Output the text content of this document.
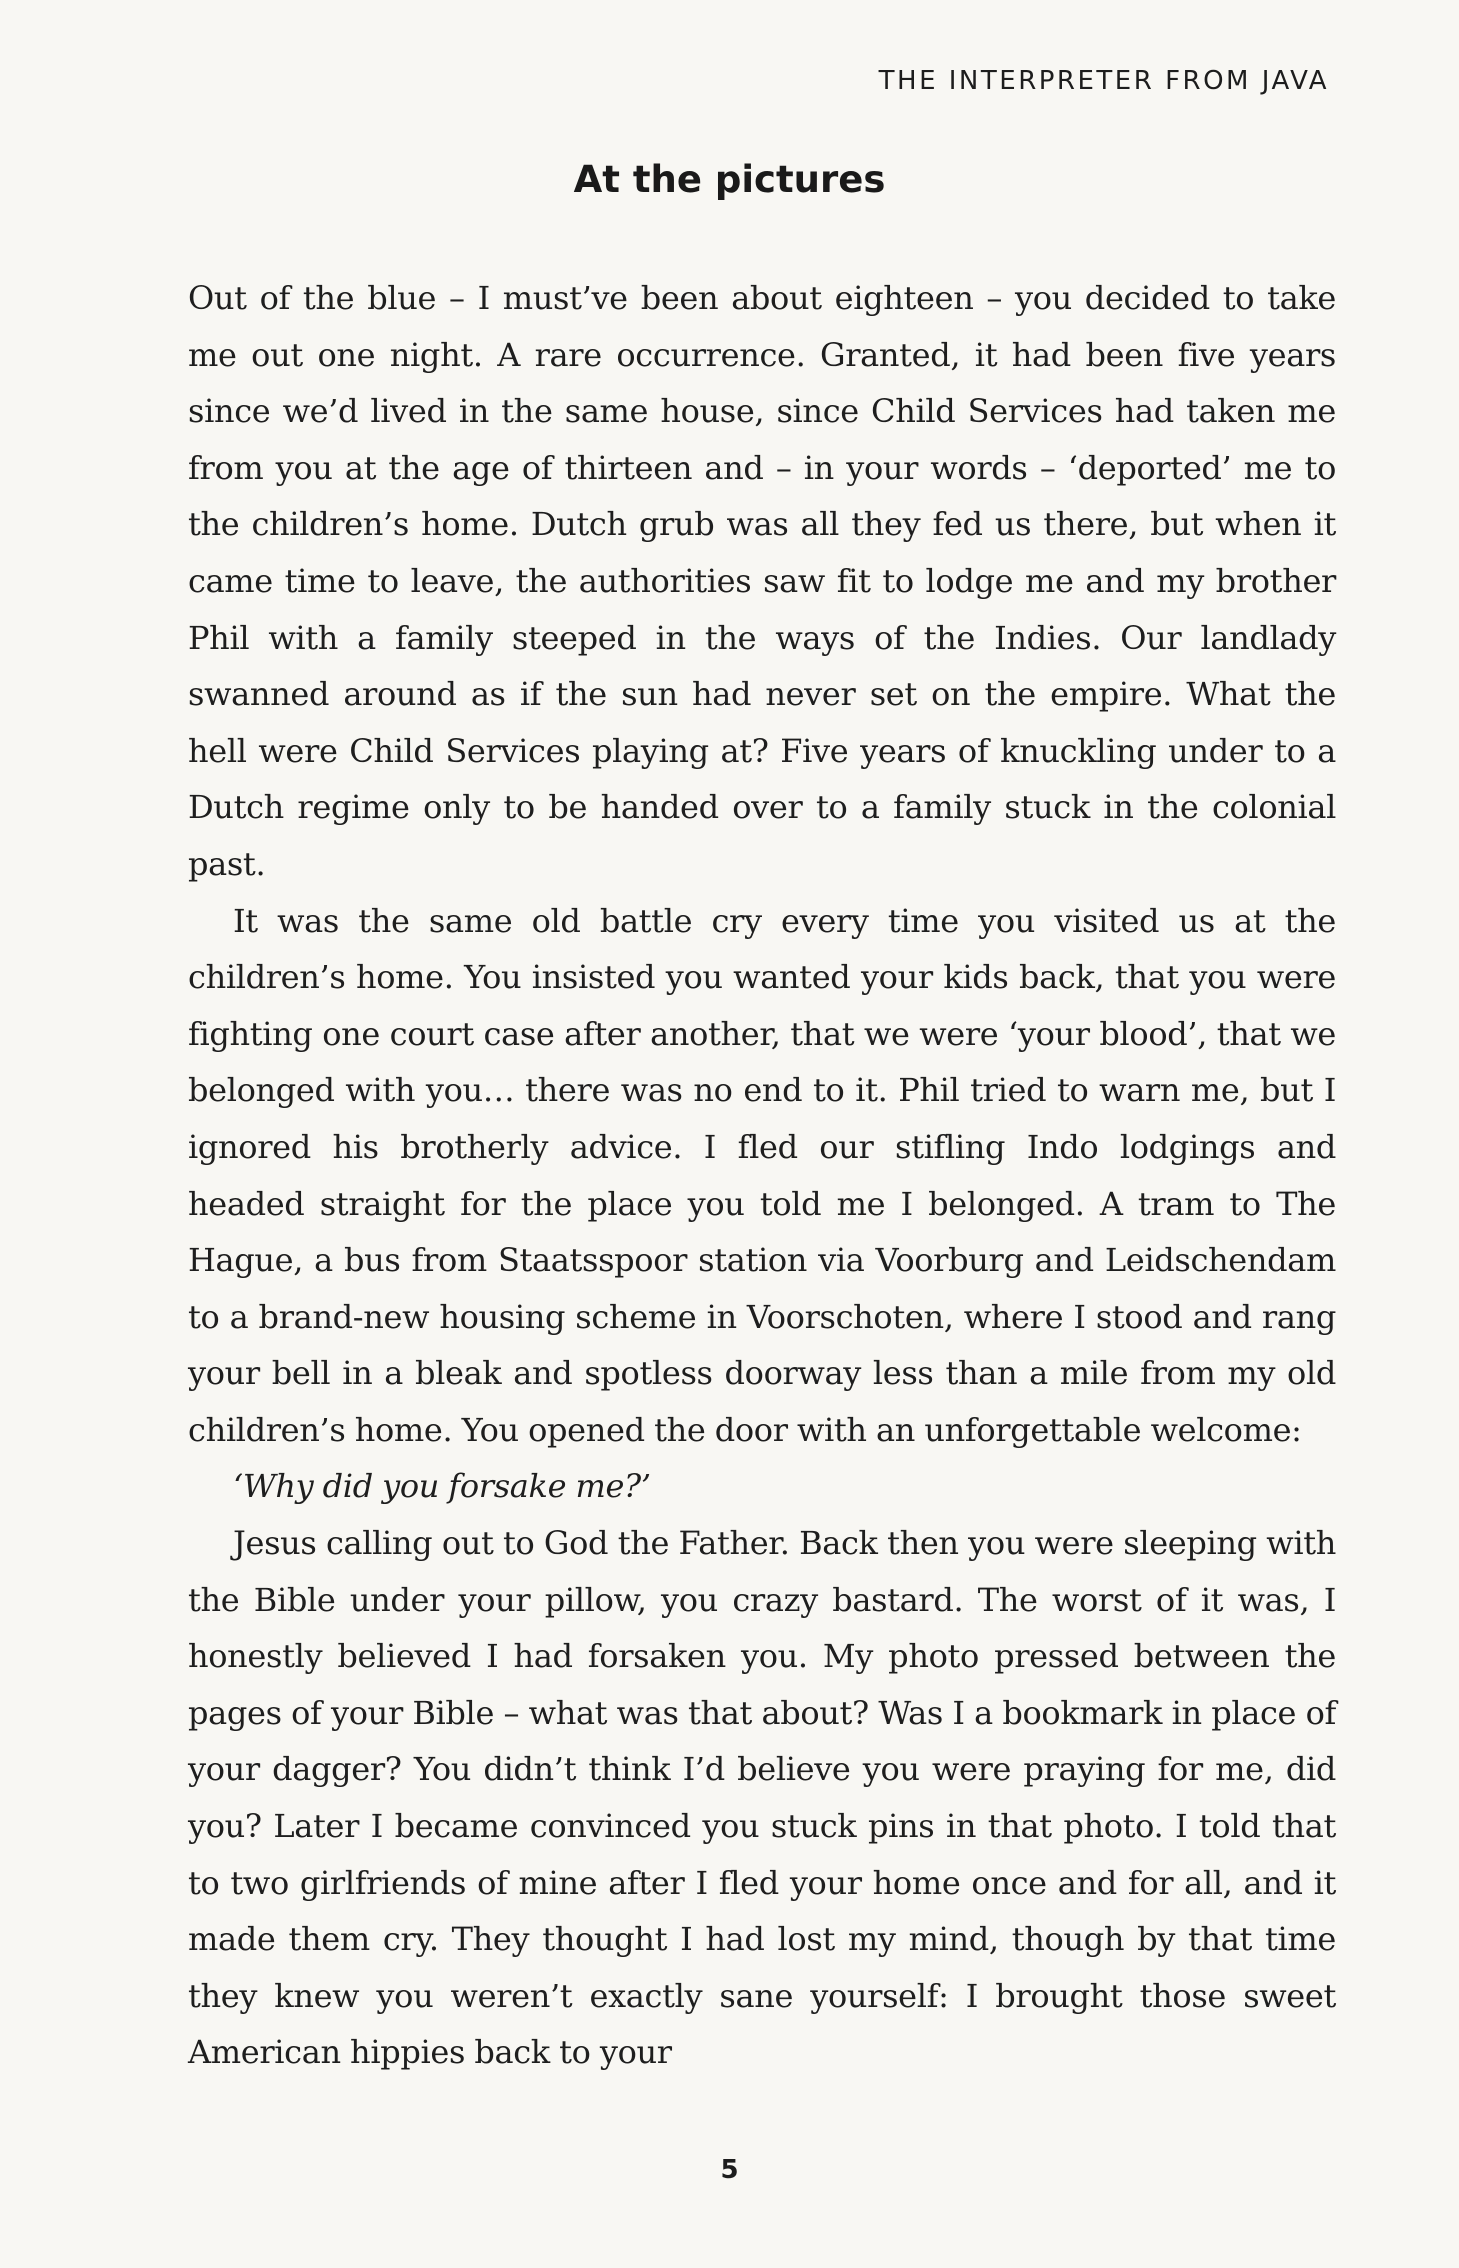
THE INTERPRETER FROM JAVA
At the pictures

Out of the blue – I must’ve been about eighteen – you decided to take me out one night. A rare occurrence. Granted, it had been five years since we’d lived in the same house, since Child Services had taken me from you at the age of thirteen and – in your words – ‘deported’ me to the children’s home. Dutch grub was all they fed us there, but when it came time to leave, the authorities saw fit to lodge me and my brother Phil with a family steeped in the ways of the Indies. Our landlady swanned around as if the sun had never set on the empire. What the hell were Child Services playing at? Five years of knuckling under to a Dutch regime only to be handed over to a family stuck in the colonial past.

It was the same old battle cry every time you visited us at the children’s home. You insisted you wanted your kids back, that you were fighting one court case after another, that we were ‘your blood’, that we belonged with you… there was no end to it. Phil tried to warn me, but I ignored his brotherly advice. I fled our stifling Indo lodgings and headed straight for the place you told me I belonged. A tram to The Hague, a bus from Staatsspoor station via Voorburg and Leidschendam to a brand-new housing scheme in Voorschoten, where I stood and rang your bell in a bleak and spotless doorway less than a mile from my old children’s home. You opened the door with an unforgettable welcome:

‘Why did you forsake me?’

Jesus calling out to God the Father. Back then you were sleeping with the Bible under your pillow, you crazy bastard. The worst of it was, I honestly believed I had forsaken you. My photo pressed between the pages of your Bible – what was that about? Was I a bookmark in place of your dagger? You didn’t think I’d believe you were praying for me, did you? Later I became convinced you stuck pins in that photo. I told that to two girlfriends of mine after I fled your home once and for all, and it made them cry. They thought I had lost my mind, though by that time they knew you weren’t exactly sane yourself: I brought those sweet American hippies back to your

5
